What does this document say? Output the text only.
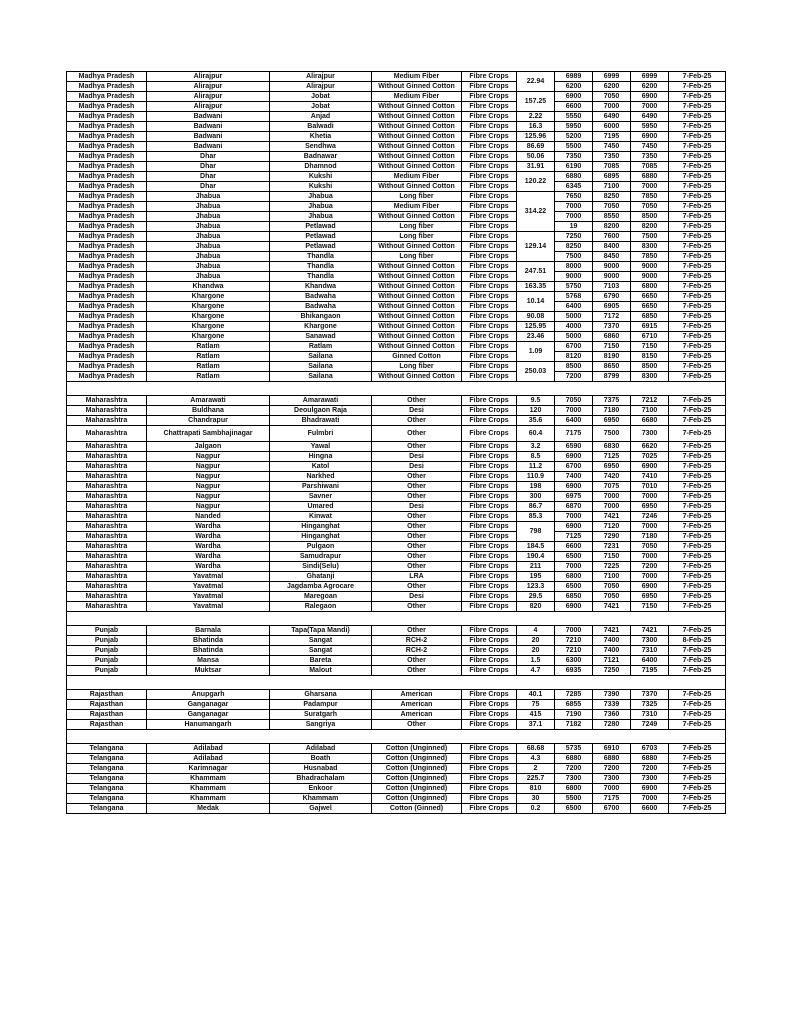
Madhya Pradesh	Alirajpur	Alirajpur	Medium Fiber	Fibre Crops	22.94	6989	6999	6999	7-Feb-25
Madhya Pradesh	Alirajpur	Alirajpur	Without Ginned Cotton	Fibre Crops		6200	6200	6200	7-Feb-25
Madhya Pradesh	Alirajpur	Jobat	Medium Fiber	Fibre Crops	157.25	6900	7050	6900	7-Feb-25
Madhya Pradesh	Alirajpur	Jobat	Without Ginned Cotton	Fibre Crops		6600	7000	7000	7-Feb-25
Madhya Pradesh	Badwani	Anjad	Without Ginned Cotton	Fibre Crops	2.22	5550	6490	6490	7-Feb-25
Madhya Pradesh	Badwani	Balwadi	Without Ginned Cotton	Fibre Crops	16.3	5950	6000	5950	7-Feb-25
Madhya Pradesh	Badwani	Khetia	Without Ginned Cotton	Fibre Crops	125.96	5200	7195	6900	7-Feb-25
Madhya Pradesh	Badwani	Sendhwa	Without Ginned Cotton	Fibre Crops	86.69	5500	7450	7450	7-Feb-25
Madhya Pradesh	Dhar	Badnawar	Without Ginned Cotton	Fibre Crops	50.06	7350	7350	7350	7-Feb-25
Madhya Pradesh	Dhar	Dhamnod	Without Ginned Cotton	Fibre Crops	31.91	6190	7085	7085	7-Feb-25
Madhya Pradesh	Dhar	Kukshi	Medium Fiber	Fibre Crops	120.22	6880	6895	6880	7-Feb-25
Madhya Pradesh	Dhar	Kukshi	Without Ginned Cotton	Fibre Crops		6345	7100	7000	7-Feb-25
Madhya Pradesh	Jhabua	Jhabua	Long fiber	Fibre Crops	314.22	7650	8250	7850	7-Feb-25
Madhya Pradesh	Jhabua	Jhabua	Medium Fiber	Fibre Crops		7000	7050	7050	7-Feb-25
Madhya Pradesh	Jhabua	Jhabua	Without Ginned Cotton	Fibre Crops		7000	8550	8500	7-Feb-25
Madhya Pradesh	Jhabua	Petlawad	Long fiber	Fibre Crops		19	8200	8200	7-Feb-25
Madhya Pradesh	Jhabua	Petlawad	Long fiber	Fibre Crops	129.14	7250	7600	7500	7-Feb-25
Madhya Pradesh	Jhabua	Petlawad	Without Ginned Cotton	Fibre Crops		8250	8400	8300	7-Feb-25
Madhya Pradesh	Jhabua	Thandla	Long fiber	Fibre Crops		7500	8450	7850	7-Feb-25
Madhya Pradesh	Jhabua	Thandla	Without Ginned Cotton	Fibre Crops	247.51	8000	9000	9000	7-Feb-25
Madhya Pradesh	Jhabua	Thandla	Without Ginned Cotton	Fibre Crops		9000	9000	9000	7-Feb-25
Madhya Pradesh	Khandwa	Khandwa	Without Ginned Cotton	Fibre Crops	163.35	5750	7103	6800	7-Feb-25
Madhya Pradesh	Khargone	Badwaha	Without Ginned Cotton	Fibre Crops	10.14	5768	6790	6650	7-Feb-25
Madhya Pradesh	Khargone	Badwaha	Without Ginned Cotton	Fibre Crops		6400	6905	6650	7-Feb-25
Madhya Pradesh	Khargone	Bhikangaon	Without Ginned Cotton	Fibre Crops	90.08	5000	7172	6850	7-Feb-25
Madhya Pradesh	Khargone	Khargone	Without Ginned Cotton	Fibre Crops	125.95	4000	7370	6915	7-Feb-25
Madhya Pradesh	Khargone	Sanawad	Without Ginned Cotton	Fibre Crops	23.46	5000	6860	6710	7-Feb-25
Madhya Pradesh	Ratlam	Ratlam	Without Ginned Cotton	Fibre Crops	1.09	6700	7150	7150	7-Feb-25
Madhya Pradesh	Ratlam	Sailana	Ginned Cotton	Fibre Crops		8120	8190	8150	7-Feb-25
Madhya Pradesh	Ratlam	Sailana	Long fiber	Fibre Crops	250.03	8500	8650	8500	7-Feb-25
Madhya Pradesh	Ratlam	Sailana	Without Ginned Cotton	Fibre Crops		7200	8799	8300	7-Feb-25

Maharashtra	Amarawati	Amarawati	Other	Fibre Crops	9.5	7050	7375	7212	7-Feb-25
Maharashtra	Buldhana	Deoulgaon Raja	Desi	Fibre Crops	120	7000	7180	7100	7-Feb-25
Maharashtra	Chandrapur	Bhadrawati	Other	Fibre Crops	35.6	6400	6950	6680	7-Feb-25
Maharashtra	Chattrapati Sambhajinagar	Fulmbri	Other	Fibre Crops	60.4	7175	7500	7300	7-Feb-25
Maharashtra	Jalgaon	Yawal	Other	Fibre Crops	3.2	6590	6830	6620	7-Feb-25
Maharashtra	Nagpur	Hingna	Desi	Fibre Crops	8.5	6900	7125	7025	7-Feb-25
Maharashtra	Nagpur	Katol	Desi	Fibre Crops	11.2	6700	6950	6900	7-Feb-25
Maharashtra	Nagpur	Narkhed	Other	Fibre Crops	110.9	7400	7420	7410	7-Feb-25
Maharashtra	Nagpur	Parshiwani	Other	Fibre Crops	198	6900	7075	7010	7-Feb-25
Maharashtra	Nagpur	Savner	Other	Fibre Crops	300	6975	7000	7000	7-Feb-25
Maharashtra	Nagpur	Umared	Desi	Fibre Crops	86.7	6870	7000	6950	7-Feb-25
Maharashtra	Nanded	Kinwat	Other	Fibre Crops	85.3	7000	7421	7246	7-Feb-25
Maharashtra	Wardha	Hinganghat	Other	Fibre Crops	798	6900	7120	7000	7-Feb-25
Maharashtra	Wardha	Hinganghat	Other	Fibre Crops		7125	7290	7180	7-Feb-25
Maharashtra	Wardha	Pulgaon	Other	Fibre Crops	184.5	6600	7231	7050	7-Feb-25
Maharashtra	Wardha	Samudrapur	Other	Fibre Crops	190.4	6500	7150	7000	7-Feb-25
Maharashtra	Wardha	Sindi(Selu)	Other	Fibre Crops	211	7000	7225	7200	7-Feb-25
Maharashtra	Yavatmal	Ghatanji	LRA	Fibre Crops	195	6800	7100	7000	7-Feb-25
Maharashtra	Yavatmal	Jagdamba Agrocare	Other	Fibre Crops	123.3	6500	7050	6900	7-Feb-25
Maharashtra	Yavatmal	Maregoan	Desi	Fibre Crops	29.5	6850	7050	6950	7-Feb-25
Maharashtra	Yavatmal	Ralegaon	Other	Fibre Crops	820	6900	7421	7150	7-Feb-25

Punjab	Barnala	Tapa(Tapa Mandi)	Other	Fibre Crops	4	7000	7421	7421	7-Feb-25
Punjab	Bhatinda	Sangat	RCH-2	Fibre Crops	20	7210	7400	7300	8-Feb-25
Punjab	Bhatinda	Sangat	RCH-2	Fibre Crops	20	7210	7400	7310	7-Feb-25
Punjab	Mansa	Bareta	Other	Fibre Crops	1.5	6300	7121	6400	7-Feb-25
Punjab	Muktsar	Malout	Other	Fibre Crops	4.7	6935	7250	7195	7-Feb-25

Rajasthan	Anupgarh	Gharsana	American	Fibre Crops	40.1	7285	7390	7370	7-Feb-25
Rajasthan	Ganganagar	Padampur	American	Fibre Crops	75	6855	7339	7325	7-Feb-25
Rajasthan	Ganganagar	Suratgarh	American	Fibre Crops	415	7190	7360	7310	7-Feb-25
Rajasthan	Hanumangarh	Sangriya	Other	Fibre Crops	37.1	7182	7280	7249	7-Feb-25

Telangana	Adilabad	Adilabad	Cotton (Unginned)	Fibre Crops	68.68	5735	6910	6703	7-Feb-25
Telangana	Adilabad	Boath	Cotton (Unginned)	Fibre Crops	4.3	6880	6880	6880	7-Feb-25
Telangana	Karimnagar	Husnabad	Cotton (Unginned)	Fibre Crops	2	7200	7200	7200	7-Feb-25
Telangana	Khammam	Bhadrachalam	Cotton (Unginned)	Fibre Crops	225.7	7300	7300	7300	7-Feb-25
Telangana	Khammam	Enkoor	Cotton (Unginned)	Fibre Crops	810	6800	7000	6900	7-Feb-25
Telangana	Khammam	Khammam	Cotton (Unginned)	Fibre Crops	30	5500	7175	7000	7-Feb-25
Telangana	Medak	Gajwel	Cotton (Ginned)	Fibre Crops	0.2	6500	6700	6600	7-Feb-25
